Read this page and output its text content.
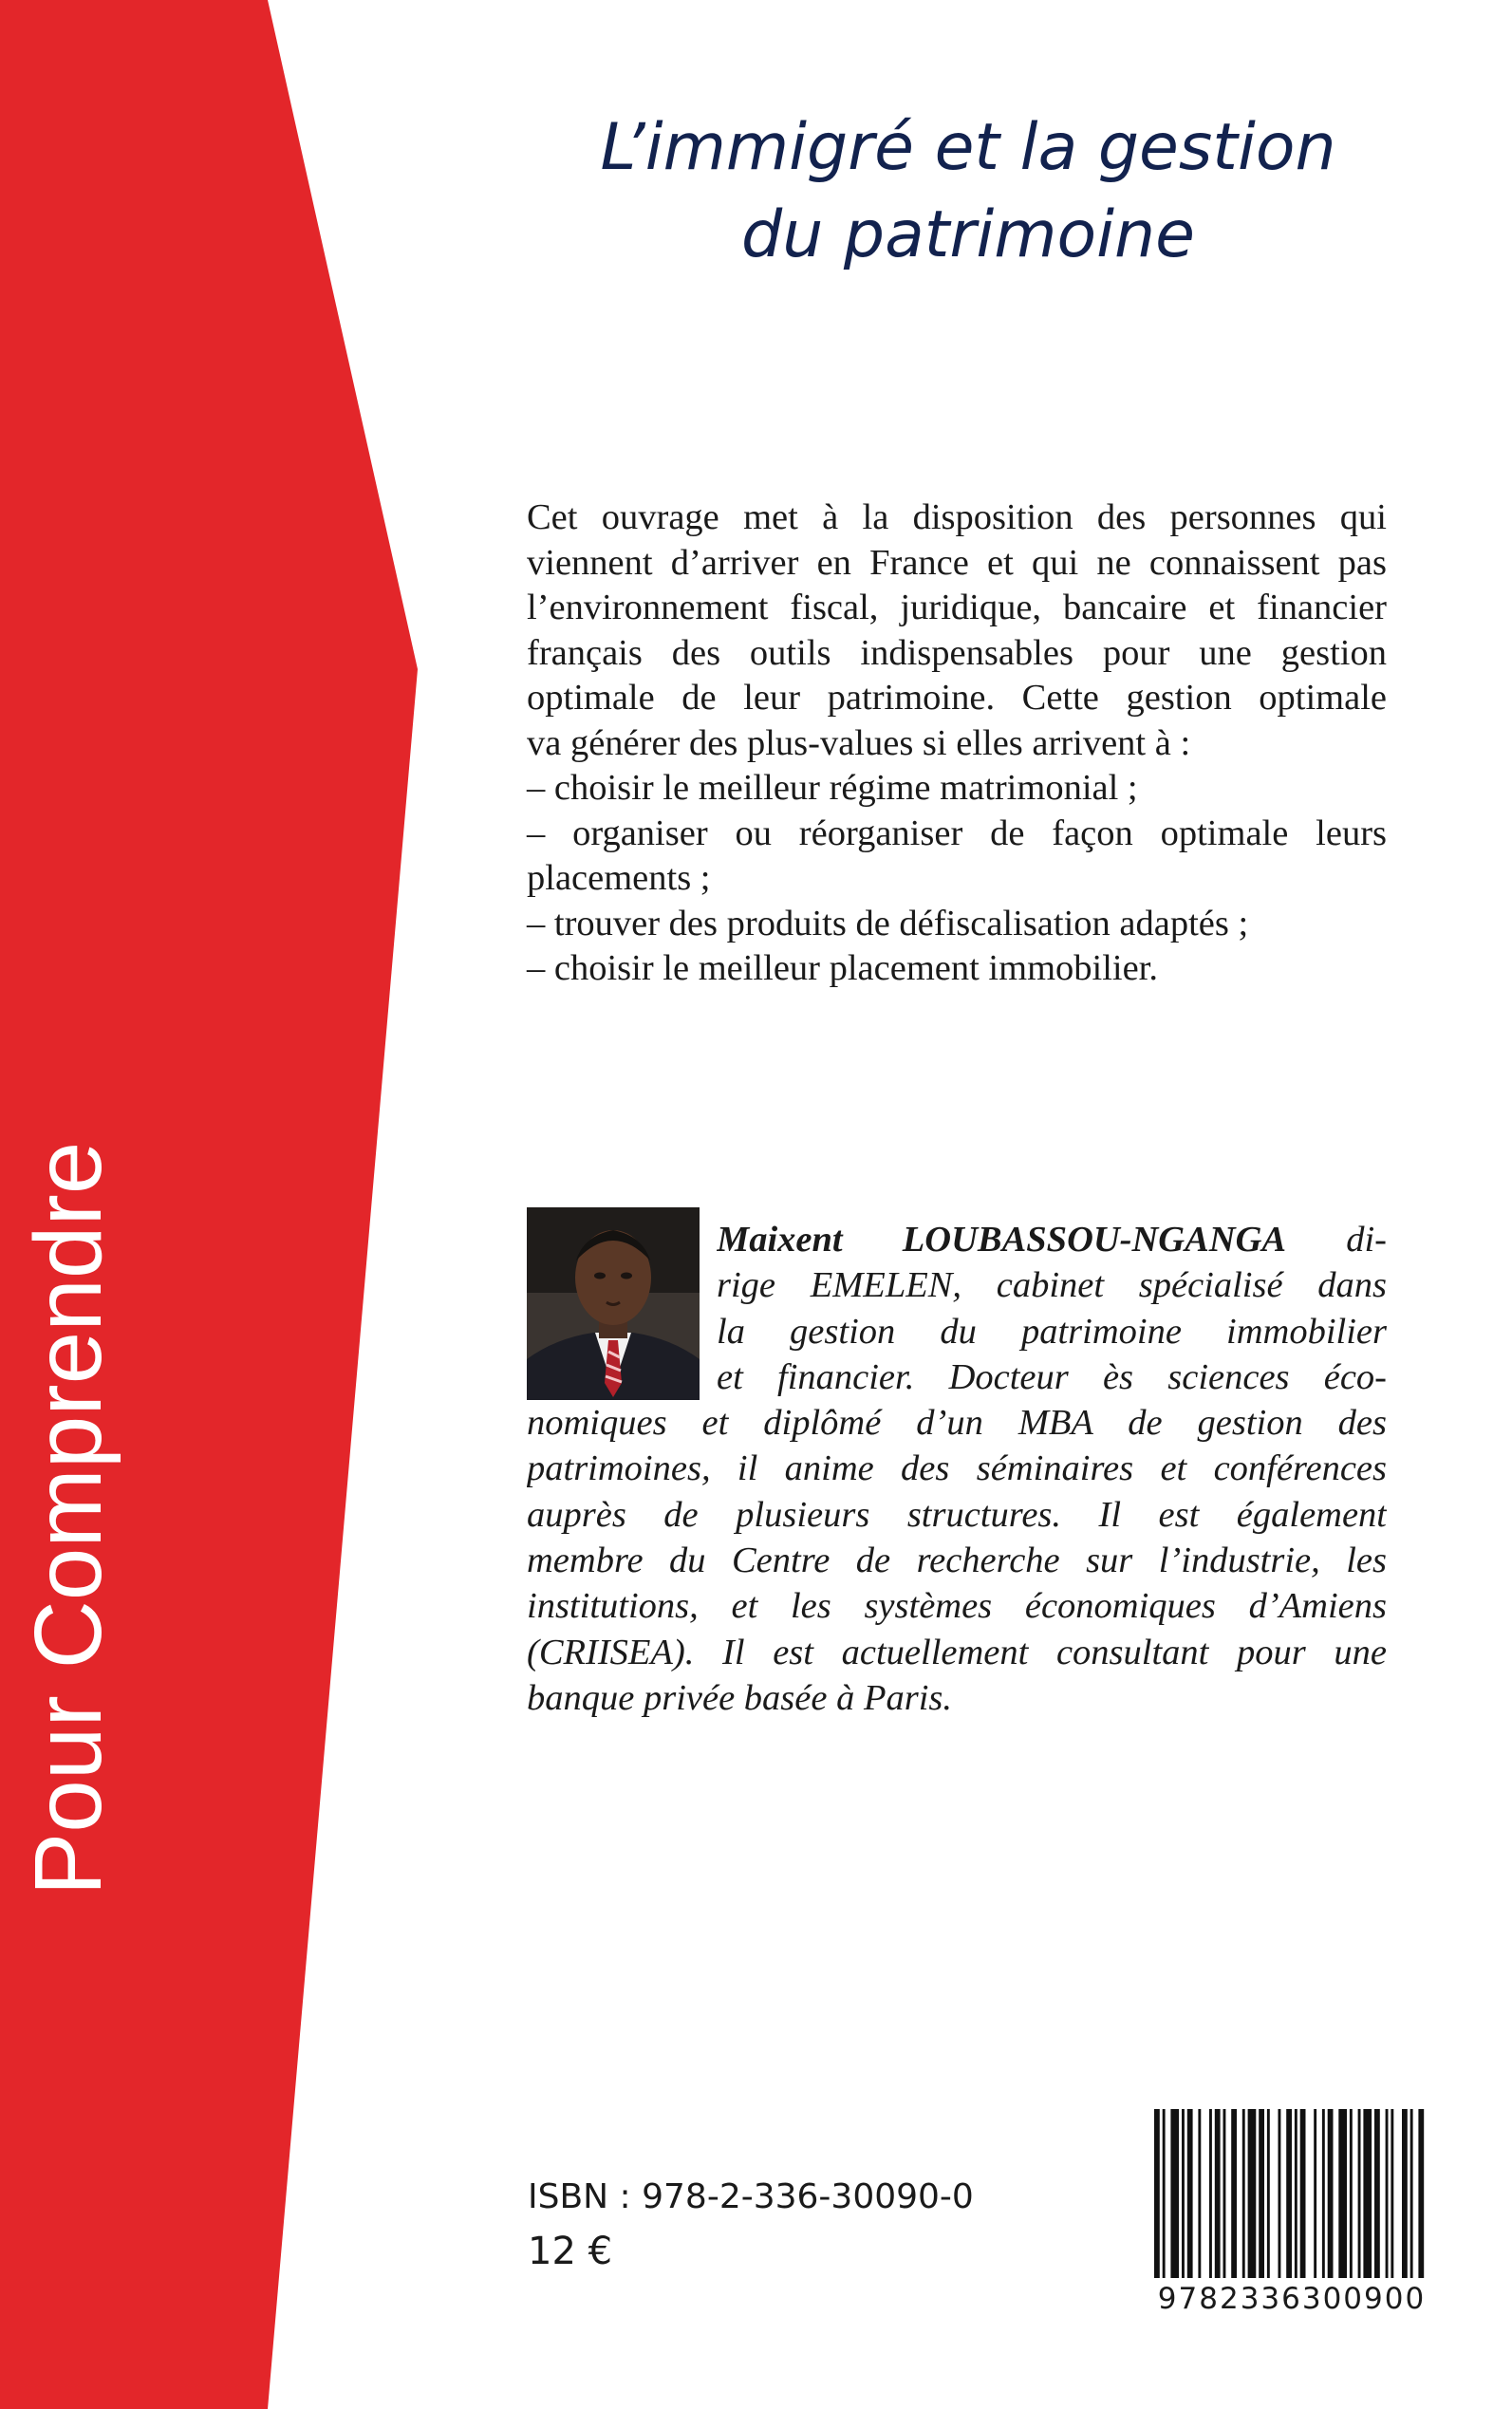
Pour Comprendre
L’immigré et la gestion
du patrimoine

Cet ouvrage met à la disposition des personnes qui

viennent d’arriver en France et qui ne connaissent pas

l’environnement fiscal, juridique, bancaire et financier

français des outils indispensables pour une gestion

optimale de leur patrimoine. Cette gestion optimale

va générer des plus-values si elles arrivent à :

– choisir le meilleur régime matrimonial ;

– organiser ou réorganiser de façon optimale leurs

placements ;

– trouver des produits de défiscalisation adaptés ;

– choisir le meilleur placement immobilier.

Maixent LOUBASSOU-NGANGA di-
rige EMELEN, cabinet spécialisé dans
la gestion du patrimoine immobilier
et financier. Docteur ès sciences éco-
nomiques et diplômé d’un MBA de gestion des
patrimoines, il anime des séminaires et conférences
auprès de plusieurs structures. Il est également
membre du Centre de recherche sur l’industrie, les
institutions, et les systèmes économiques d’Amiens
(CRIISEA). Il est actuellement consultant pour une
banque privée basée à Paris.
ISBN : 978-2-336-30090-0
12 €
9782336300900
